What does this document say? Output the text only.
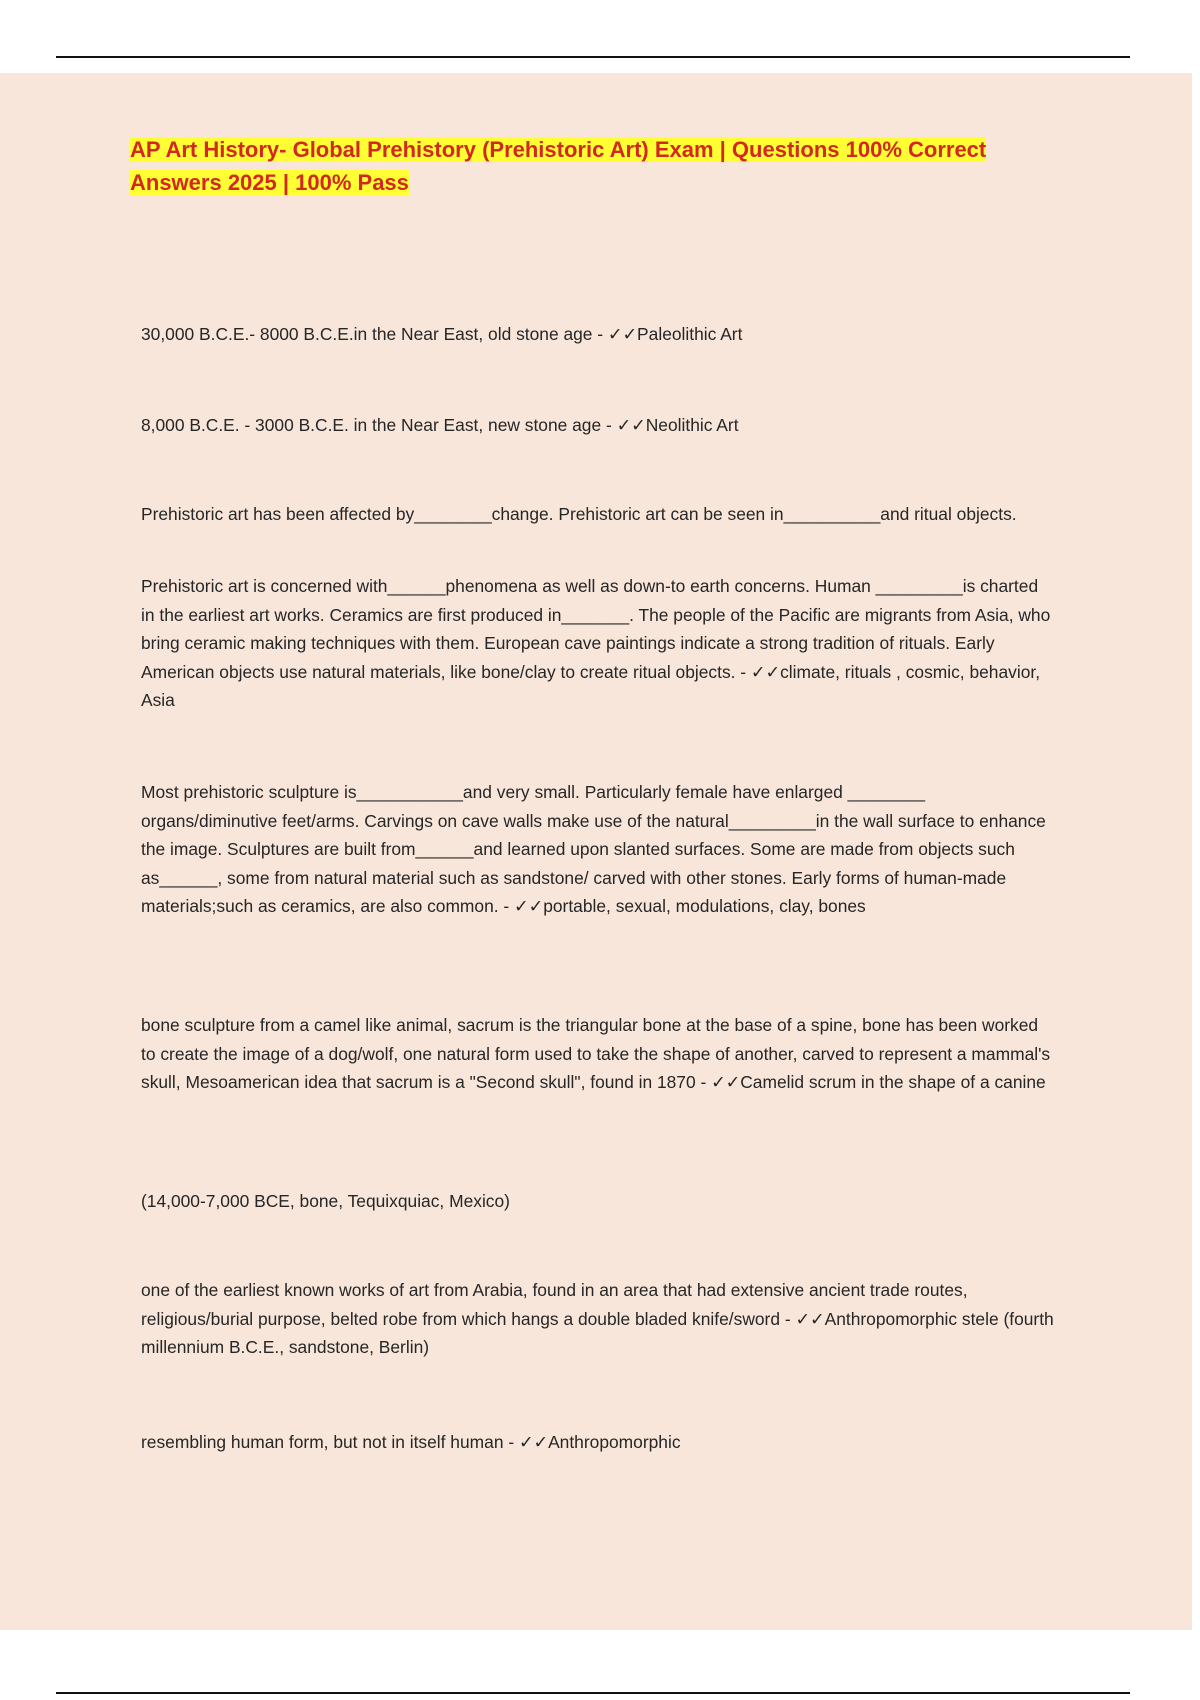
AP Art History- Global Prehistory (Prehistoric Art) Exam | Questions 100% Correct Answers 2025 | 100% Pass
30,000 B.C.E.- 8000 B.C.E.in the Near East, old stone age - ✓✓Paleolithic Art
8,000 B.C.E. - 3000 B.C.E. in the Near East, new stone age - ✓✓Neolithic Art
Prehistoric art has been affected by________change. Prehistoric art can be seen in__________and ritual objects.
Prehistoric art is concerned with______phenomena as well as down-to earth concerns. Human _________is charted in the earliest art works. Ceramics are first produced in_______. The people of the Pacific are migrants from Asia, who bring ceramic making techniques with them. European cave paintings indicate a strong tradition of rituals. Early American objects use natural materials, like bone/clay to create ritual objects. - ✓✓climate, rituals , cosmic, behavior, Asia
Most prehistoric sculpture is___________and very small. Particularly female have enlarged ________ organs/diminutive feet/arms. Carvings on cave walls make use of the natural_________in the wall surface to enhance the image. Sculptures are built from______and learned upon slanted surfaces. Some are made from objects such as______, some from natural material such as sandstone/ carved with other stones. Early forms of human-made materials;such as ceramics, are also common. - ✓✓portable, sexual, modulations, clay, bones
bone sculpture from a camel like animal, sacrum is the triangular bone at the base of a spine, bone has been worked to create the image of a dog/wolf, one natural form used to take the shape of another, carved to represent a mammal's skull, Mesoamerican idea that sacrum is a "Second skull", found in 1870 - ✓✓Camelid scrum in the shape of a canine
(14,000-7,000 BCE, bone, Tequixquiac, Mexico)
one of the earliest known works of art from Arabia, found in an area that had extensive ancient trade routes, religious/burial purpose, belted robe from which hangs a double bladed knife/sword - ✓✓Anthropomorphic stele (fourth millennium B.C.E., sandstone, Berlin)
resembling human form, but not in itself human - ✓✓Anthropomorphic
